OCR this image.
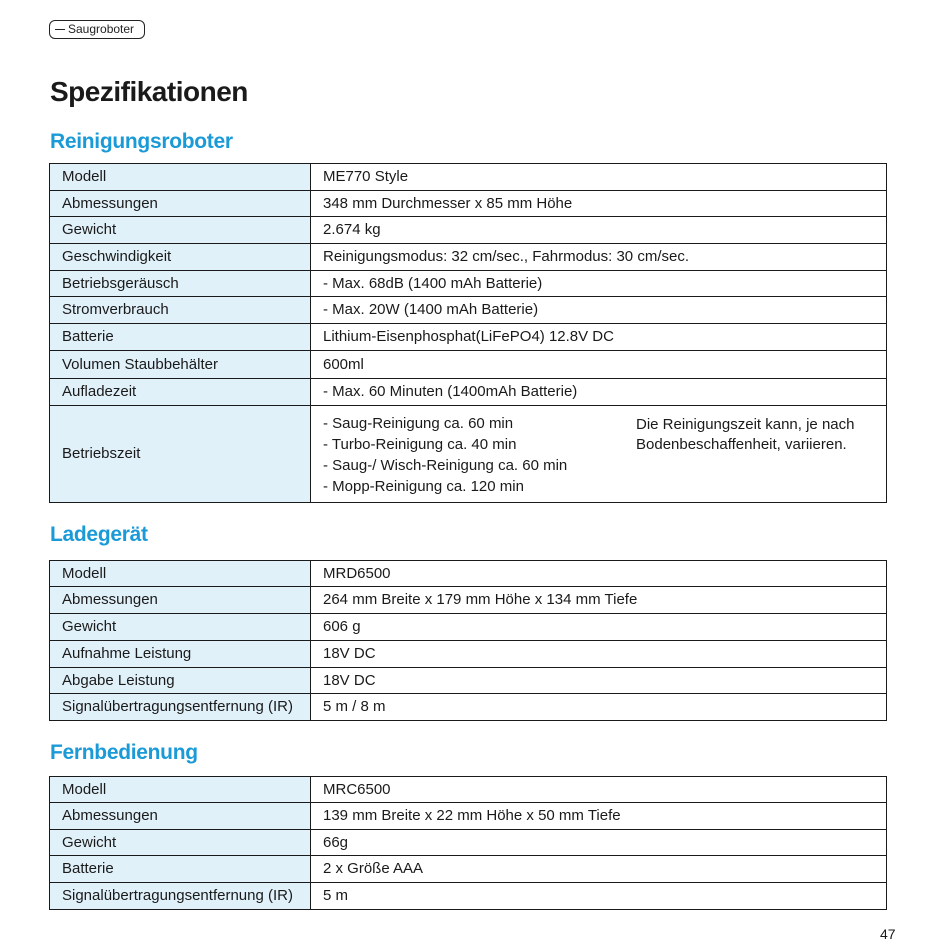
Saugroboter
Spezifikationen
Reinigungsroboter
Modell	ME770 Style
Abmessungen	348 mm Durchmesser x 85 mm Höhe
Gewicht	2.674 kg
Geschwindigkeit	Reinigungsmodus: 32 cm/sec., Fahrmodus: 30 cm/sec.
Betriebsgeräusch	- Max. 68dB (1400 mAh Batterie)
Stromverbrauch	- Max. 20W (1400 mAh Batterie)
Batterie	Lithium-Eisenphosphat(LiFePO4) 12.8V DC
Volumen Staubbehälter	600ml
Aufladezeit	- Max. 60 Minuten (1400mAh Batterie)
Betriebszeit	- Saug-Reinigung ca. 60 min
- Turbo-Reinigung ca. 40 min
- Saug-/ Wisch-Reinigung ca. 60 min
- Mopp-Reinigung ca. 120 min
Die Reinigungszeit kann, je nach Bodenbeschaffenheit, variieren.
Ladegerät
Modell	MRD6500
Abmessungen	264 mm Breite x 179 mm Höhe x 134 mm Tiefe
Gewicht	606 g
Aufnahme Leistung	18V DC
Abgabe Leistung	18V DC
Signalübertragungsentfernung (IR)	5 m / 8 m
Fernbedienung
Modell	MRC6500
Abmessungen	139 mm Breite x 22 mm Höhe x 50 mm Tiefe
Gewicht	66g
Batterie	2 x Größe AAA
Signalübertragungsentfernung (IR)	5 m
47
